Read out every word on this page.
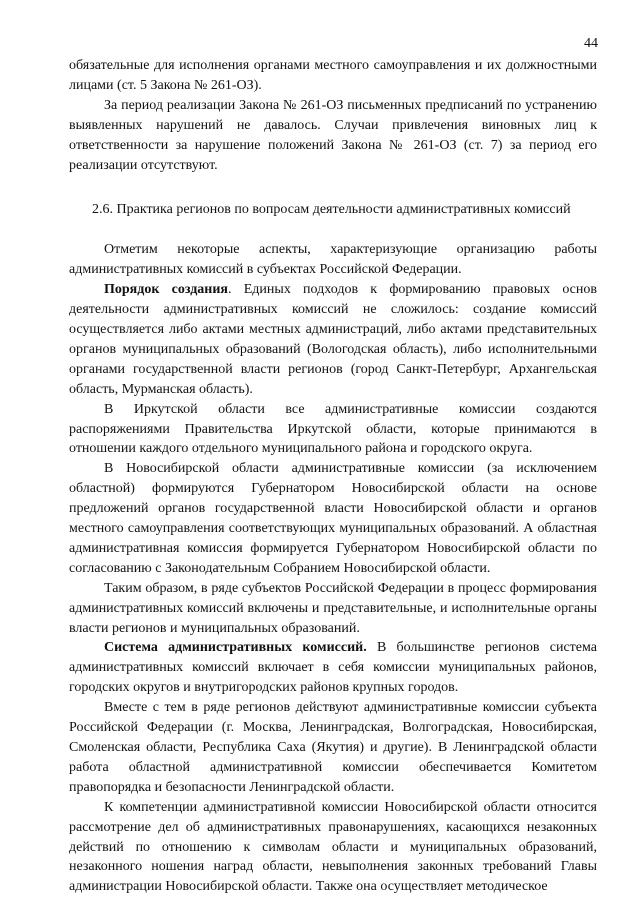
44

обязательные для исполнения органами местного самоуправления и их должностными лицами (ст. 5 Закона № 261-ОЗ).

За период реализации Закона № 261-ОЗ письменных предписаний по устранению выявленных нарушений не давалось. Случаи привлечения виновных лиц к ответственности за нарушение положений Закона № 261-ОЗ (ст. 7) за период его реализации отсутствуют.

2.6. Практика регионов по вопросам деятельности административных комиссий

Отметим некоторые аспекты, характеризующие организацию работы административных комиссий в субъектах Российской Федерации.

Порядок создания. Единых подходов к формированию правовых основ деятельности административных комиссий не сложилось: создание комиссий осуществляется либо актами местных администраций, либо актами представительных органов муниципальных образований (Вологодская область), либо исполнительными органами государственной власти регионов (город Санкт-Петербург, Архангельская область, Мурманская область).

В Иркутской области все административные комиссии создаются распоряжениями Правительства Иркутской области, которые принимаются в отношении каждого отдельного муниципального района и городского округа.

В Новосибирской области административные комиссии (за исключением областной) формируются Губернатором Новосибирской области на основе предложений органов государственной власти Новосибирской области и органов местного самоуправления соответствующих муниципальных образований. А областная административная комиссия формируется Губернатором Новосибирской области по согласованию с Законодательным Собранием Новосибирской области.

Таким образом, в ряде субъектов Российской Федерации в процесс формирования административных комиссий включены и представительные, и исполнительные органы власти регионов и муниципальных образований.

Система административных комиссий. В большинстве регионов система административных комиссий включает в себя комиссии муниципальных районов, городских округов и внутригородских районов крупных городов.

Вместе с тем в ряде регионов действуют административные комиссии субъекта Российской Федерации (г. Москва, Ленинградская, Волгоградская, Новосибирская, Смоленская области, Республика Саха (Якутия) и другие). В Ленинградской области работа областной административной комиссии обеспечивается Комитетом правопорядка и безопасности Ленинградской области.

К компетенции административной комиссии Новосибирской области относится рассмотрение дел об административных правонарушениях, касающихся незаконных действий по отношению к символам области и муниципальных образований, незаконного ношения наград области, невыполнения законных требований Главы администрации Новосибирской области. Также она осуществляет методическое
